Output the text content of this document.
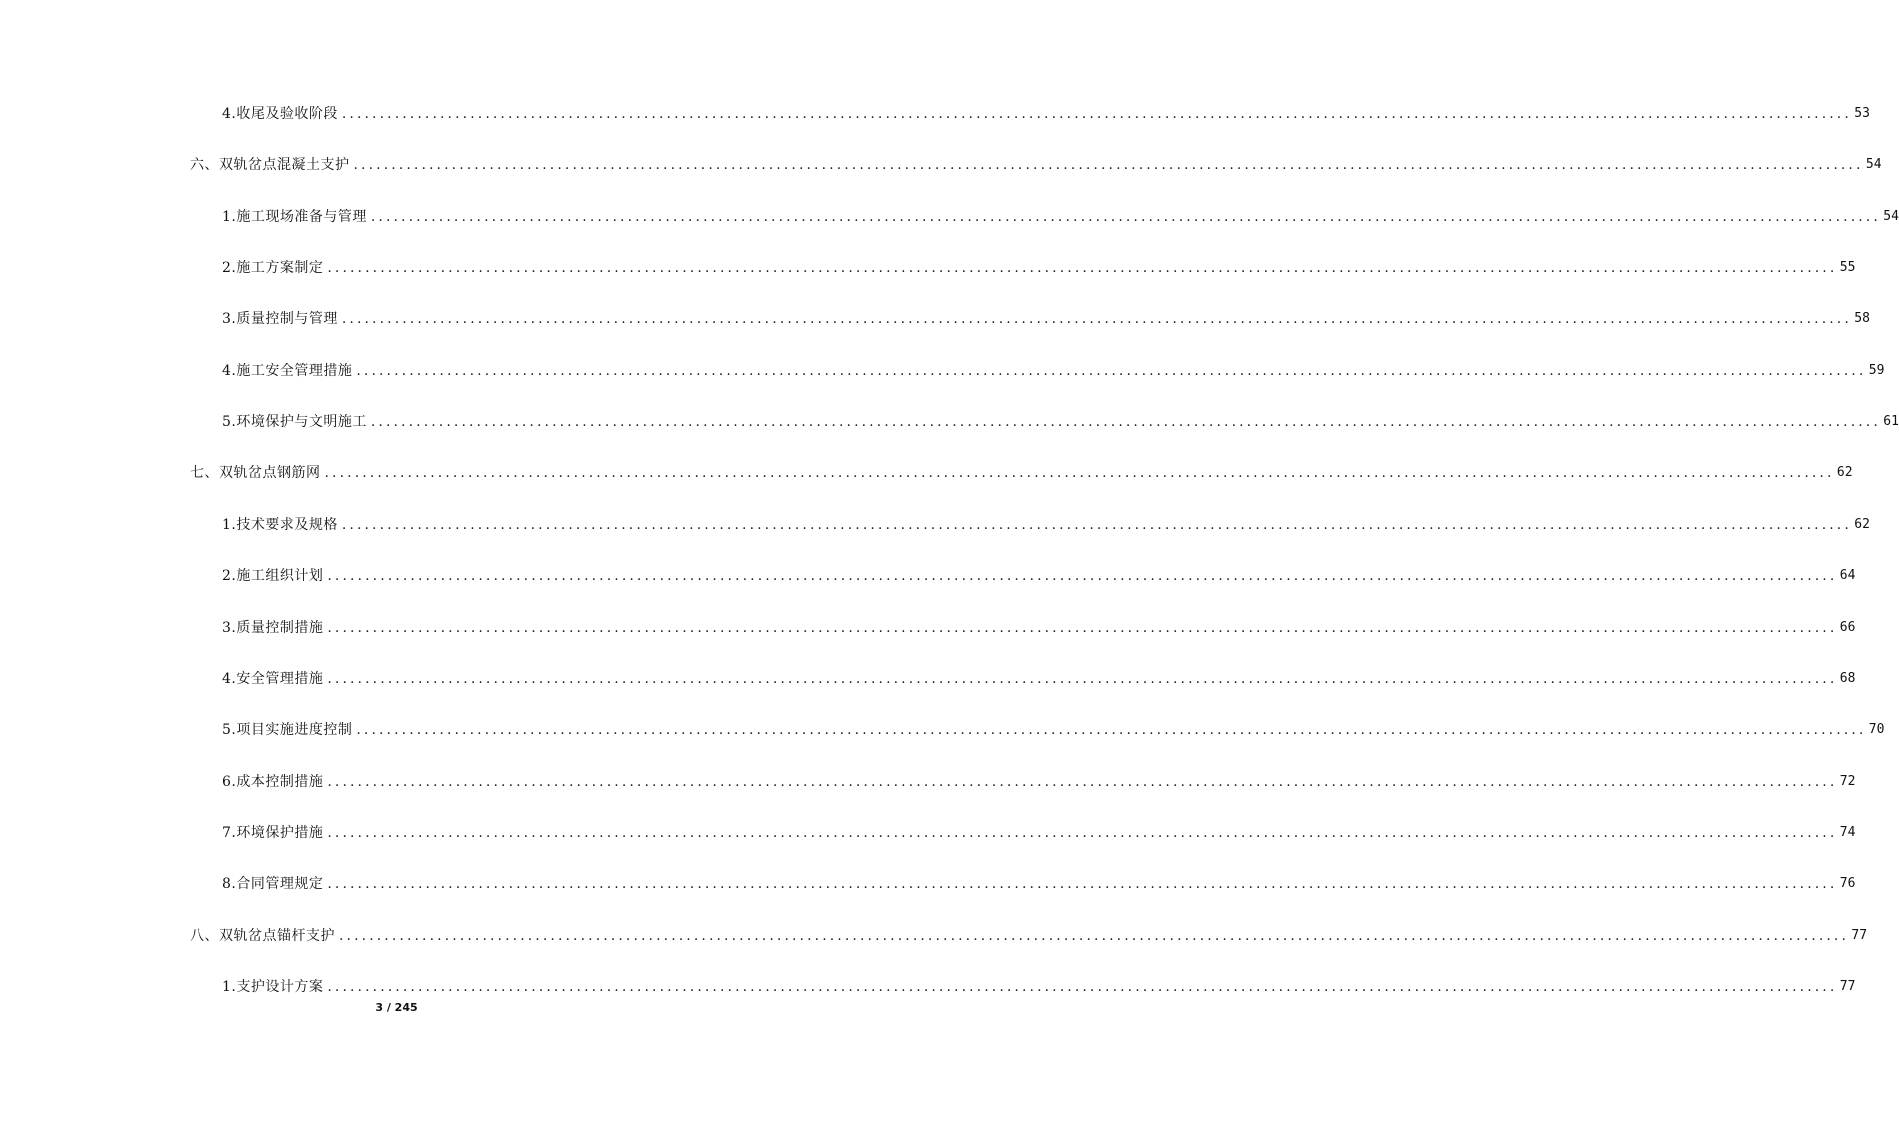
4.收尾及验收阶段 ........................................................................................................................................................................................................ 53
六、双轨岔点混凝土支护 ........................................................................................................................................................................................................ 54
1.施工现场准备与管理 ........................................................................................................................................................................................................ 54
2.施工方案制定 ........................................................................................................................................................................................................ 55
3.质量控制与管理 ........................................................................................................................................................................................................ 58
4.施工安全管理措施 ........................................................................................................................................................................................................ 59
5.环境保护与文明施工 ........................................................................................................................................................................................................ 61
七、双轨岔点钢筋网 ........................................................................................................................................................................................................ 62
1.技术要求及规格 ........................................................................................................................................................................................................ 62
2.施工组织计划 ........................................................................................................................................................................................................ 64
3.质量控制措施 ........................................................................................................................................................................................................ 66
4.安全管理措施 ........................................................................................................................................................................................................ 68
5.项目实施进度控制 ........................................................................................................................................................................................................ 70
6.成本控制措施 ........................................................................................................................................................................................................ 72
7.环境保护措施 ........................................................................................................................................................................................................ 74
8.合同管理规定 ........................................................................................................................................................................................................ 76
八、双轨岔点锚杆支护 ........................................................................................................................................................................................................ 77
1.支护设计方案 ........................................................................................................................................................................................................ 77
3 / 245
